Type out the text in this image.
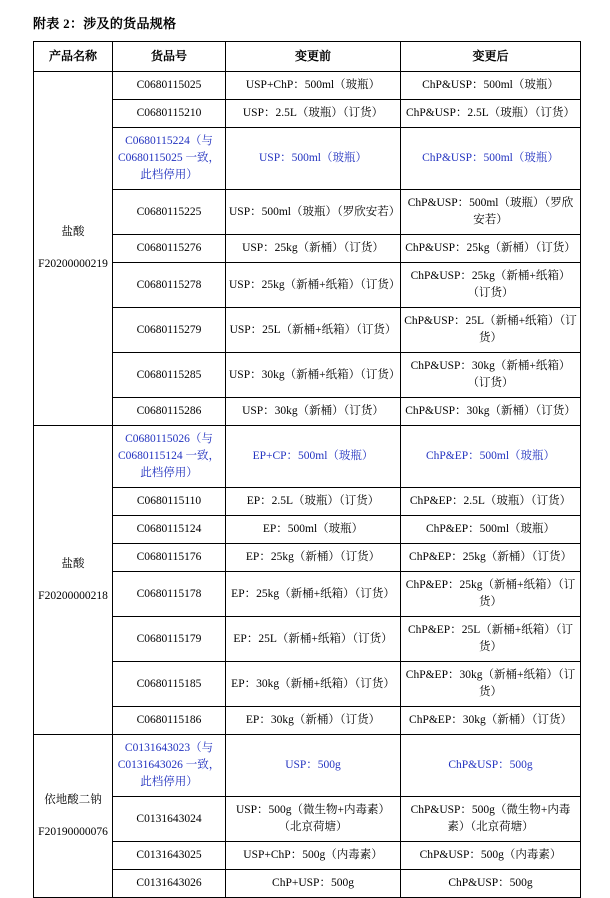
附表 2：涉及的货品规格

产品名称	货品号	变更前	变更后

盐酸
F20200000219	C0680115025	USP+ChP：500ml（玻瓶）	ChP&USP：500ml（玻瓶）
	C0680115210	USP：2.5L（玻瓶）（订货）	ChP&USP：2.5L（玻瓶）（订货）
	C0680115224（与 C0680115025 一致，此档停用）	USP：500ml（玻瓶）	ChP&USP：500ml（玻瓶）
	C0680115225	USP：500ml（玻瓶）（罗欣安若）	ChP&USP：500ml（玻瓶）（罗欣安若）
	C0680115276	USP：25kg（新桶）（订货）	ChP&USP：25kg（新桶）（订货）
	C0680115278	USP：25kg（新桶+纸箱）（订货）	ChP&USP：25kg（新桶+纸箱）（订货）
	C0680115279	USP：25L（新桶+纸箱）（订货）	ChP&USP：25L（新桶+纸箱）（订货）
	C0680115285	USP：30kg（新桶+纸箱）（订货）	ChP&USP：30kg（新桶+纸箱）（订货）
	C0680115286	USP：30kg（新桶）（订货）	ChP&USP：30kg（新桶）（订货）

盐酸
F20200000218	C0680115026（与 C0680115124 一致，此档停用）	EP+CP：500ml（玻瓶）	ChP&EP：500ml（玻瓶）
	C0680115110	EP：2.5L（玻瓶）（订货）	ChP&EP：2.5L（玻瓶）（订货）
	C0680115124	EP：500ml（玻瓶）	ChP&EP：500ml（玻瓶）
	C0680115176	EP：25kg（新桶）（订货）	ChP&EP：25kg（新桶）（订货）
	C0680115178	EP：25kg（新桶+纸箱）（订货）	ChP&EP：25kg（新桶+纸箱）（订货）
	C0680115179	EP：25L（新桶+纸箱）（订货）	ChP&EP：25L（新桶+纸箱）（订货）
	C0680115185	EP：30kg（新桶+纸箱）（订货）	ChP&EP：30kg（新桶+纸箱）（订货）
	C0680115186	EP：30kg（新桶）（订货）	ChP&EP：30kg（新桶）（订货）

依地酸二钠
F20190000076	C0131643023（与 C0131643026 一致，此档停用）	USP：500g	ChP&USP：500g
	C0131643024	USP：500g（微生物+内毒素）（北京荷塘）	ChP&USP：500g（微生物+内毒素）（北京荷塘）
	C0131643025	USP+ChP：500g（内毒素）	ChP&USP：500g（内毒素）
	C0131643026	ChP+USP：500g	ChP&USP：500g
